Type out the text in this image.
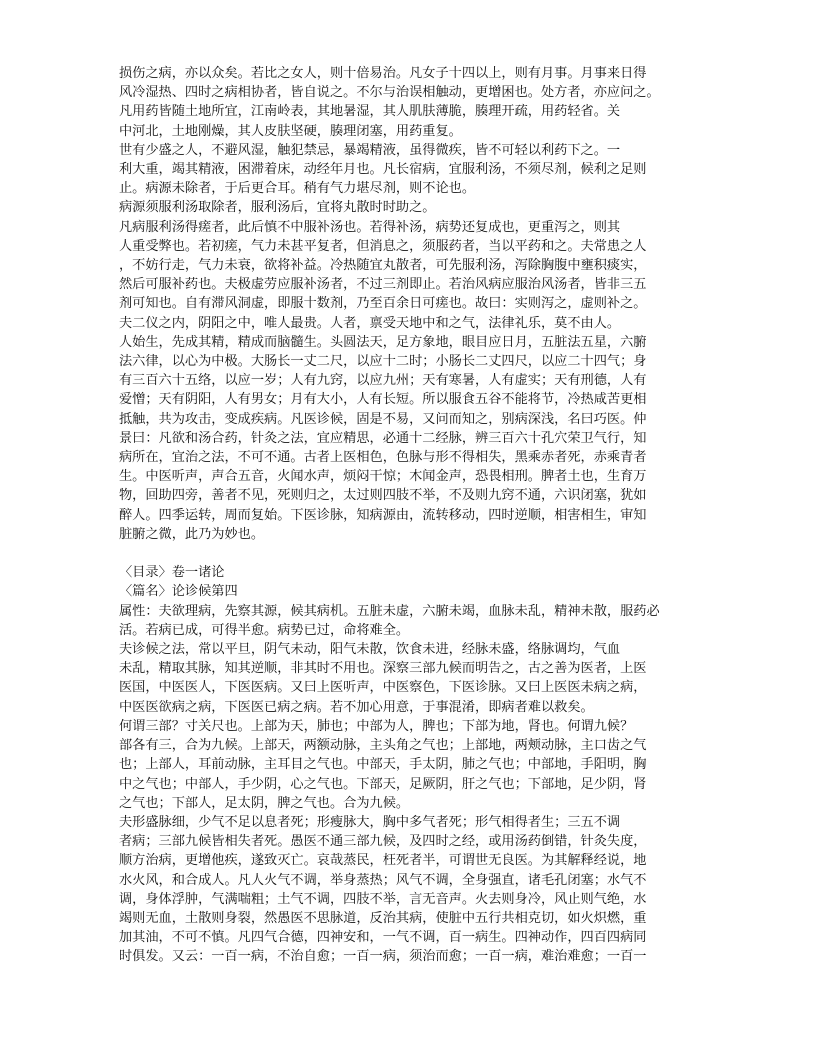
损伤之病，亦以众矣。若比之女人，则十倍易治。凡女子十四以上，则有月事。月事来日得

风冷湿热、四时之病相协者，皆自说之。不尔与治误相触动，更增困也。处方者，亦应问之。

凡用药皆随土地所宜，江南岭表，其地暑湿，其人肌肤薄脆，腠理开疏，用药轻省。关

中河北，土地刚燥，其人皮肤坚硬，腠理闭塞，用药重复。

世有少盛之人，不避风湿，触犯禁忌，暴竭精液，虽得微疾，皆不可轻以利药下之。一

利大重，竭其精液，困滞着床，动经年月也。凡长宿病，宜服利汤，不须尽剂，候利之足则

止。病源未除者，于后更合耳。稍有气力堪尽剂，则不论也。

病源须服利汤取除者，服利汤后，宜将丸散时时助之。

凡病服利汤得瘥者，此后慎不中服补汤也。若得补汤，病势还复成也，更重泻之，则其

人重受弊也。若初瘥，气力未甚平复者，但消息之，须服药者，当以平药和之。夫常患之人

，不妨行走，气力未衰，欲将补益。冷热随宜丸散者，可先服利汤，泻除胸腹中壅积痰实，

然后可服补药也。夫极虚劳应服补汤者，不过三剂即止。若治风病应服治风汤者，皆非三五

剂可知也。自有滞风洞虚，即服十数剂，乃至百余日可瘥也。故曰：实则泻之，虚则补之。

夫二仪之内，阴阳之中，唯人最贵。人者，禀受天地中和之气，法律礼乐，莫不由人。

人始生，先成其精，精成而脑髓生。头圆法天，足方象地，眼目应日月，五脏法五星，六腑

法六律，以心为中极。大肠长一丈二尺，以应十二时；小肠长二丈四尺，以应二十四气；身

有三百六十五络，以应一岁；人有九窍，以应九州；天有寒暑，人有虚实；天有刑德，人有

爱憎；天有阴阳，人有男女；月有大小，人有长短。所以服食五谷不能将节，冷热咸苦更相

抵触，共为攻击，变成疾病。凡医诊候，固是不易，又问而知之，别病深浅，名曰巧医。仲

景曰：凡欲和汤合药，针灸之法，宜应精思，必通十二经脉，辨三百六十孔穴荣卫气行，知

病所在，宜治之法，不可不通。古者上医相色，色脉与形不得相失，黑乘赤者死，赤乘青者

生。中医听声，声合五音，火闻水声，烦闷干惊；木闻金声，恐畏相刑。脾者土也，生育万

物，回助四旁，善者不见，死则归之，太过则四肢不举，不及则九窍不通，六识闭塞，犹如

醉人。四季运转，周而复始。下医诊脉，知病源由，流转移动，四时逆顺，相害相生，审知

脏腑之微，此乃为妙也。

〈目录〉卷一诸论

〈篇名〉论诊候第四

属性：夫欲理病，先察其源，候其病机。五脏未虚，六腑未竭，血脉未乱，精神未散，服药必

活。若病已成，可得半愈。病势已过，命将难全。

夫诊候之法，常以平旦，阴气未动，阳气未散，饮食未进，经脉未盛，络脉调均，气血

未乱，精取其脉，知其逆顺，非其时不用也。深察三部九候而明告之，古之善为医者，上医

医国，中医医人，下医医病。又曰上医听声，中医察色，下医诊脉。又曰上医医未病之病，

中医医欲病之病，下医医已病之病。若不加心用意，于事混淆，即病者难以救矣。

何谓三部？寸关尺也。上部为天，肺也；中部为人，脾也；下部为地，肾也。何谓九候？

部各有三，合为九候。上部天，两额动脉，主头角之气也；上部地，两颊动脉，主口齿之气

也；上部人，耳前动脉，主耳目之气也。中部天，手太阴，肺之气也；中部地，手阳明，胸

中之气也；中部人，手少阴，心之气也。下部天，足厥阴，肝之气也；下部地，足少阴，肾

之气也；下部人，足太阴，脾之气也。合为九候。

夫形盛脉细，少气不足以息者死；形瘦脉大，胸中多气者死；形气相得者生；三五不调

者病；三部九候皆相失者死。愚医不通三部九候，及四时之经，或用汤药倒错，针灸失度，

顺方治病，更增他疾，遂致灭亡。哀哉蒸民，枉死者半，可谓世无良医。为其解释经说，地

水火风，和合成人。凡人火气不调，举身蒸热；风气不调，全身强直，诸毛孔闭塞；水气不

调，身体浮肿，气满喘粗；土气不调，四肢不举，言无音声。火去则身冷，风止则气绝，水

竭则无血，土散则身裂，然愚医不思脉道，反治其病，使脏中五行共相克切，如火炽燃，重

加其油，不可不慎。凡四气合德，四神安和，一气不调，百一病生。四神动作，四百四病同

时俱发。又云：一百一病，不治自愈；一百一病，须治而愈；一百一病，难治难愈；一百一
